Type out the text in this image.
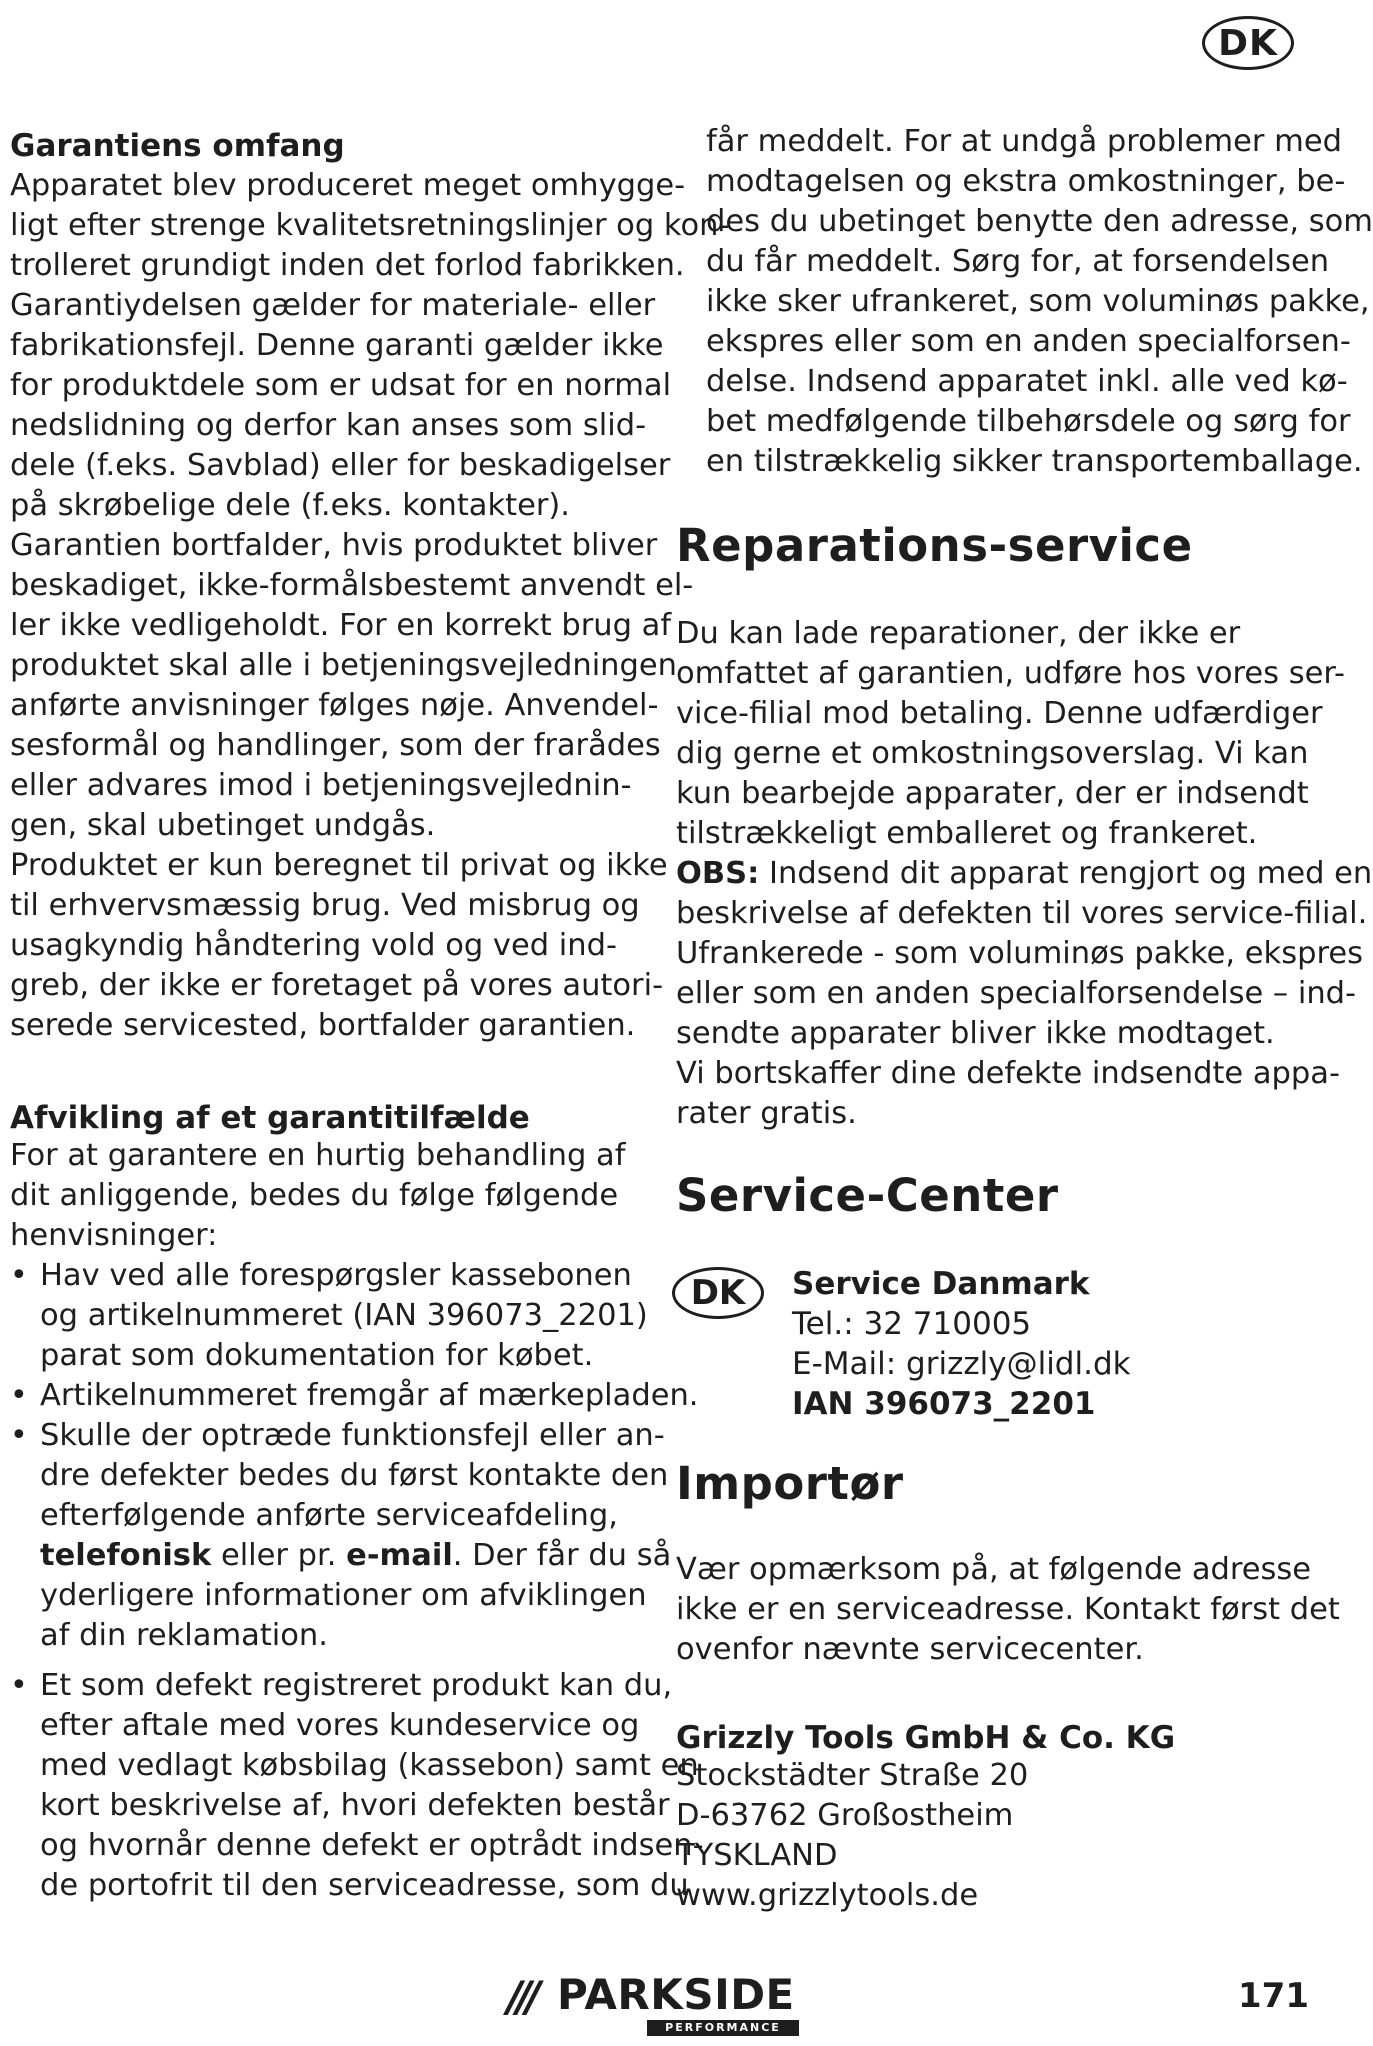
DK
Garantiens omfang
Apparatet blev produceret meget omhygge-
ligt efter strenge kvalitetsretningslinjer og kon-
trolleret grundigt inden det forlod fabrikken.
Garantiydelsen gælder for materiale- eller
fabrikationsfejl. Denne garanti gælder ikke
for produktdele som er udsat for en normal
nedslidning og derfor kan anses som slid-
dele (f.eks. Savblad) eller for beskadigelser
på skrøbelige dele (f.eks. kontakter).
Garantien bortfalder, hvis produktet bliver
beskadiget, ikke-formålsbestemt anvendt el-
ler ikke vedligeholdt. For en korrekt brug af
produktet skal alle i betjeningsvejledningen
anførte anvisninger følges nøje. Anvendel-
sesformål og handlinger, som der frarådes
eller advares imod i betjeningsvejlednin-
gen, skal ubetinget undgås.
Produktet er kun beregnet til privat og ikke
til erhvervsmæssig brug. Ved misbrug og
usagkyndig håndtering vold og ved ind-
greb, der ikke er foretaget på vores autori-
serede servicested, bortfalder garantien.
Afvikling af et garantitilfælde
For at garantere en hurtig behandling af
dit anliggende, bedes du følge følgende
henvisninger:
• Hav ved alle forespørgsler kassebonen
og artikelnummeret (IAN 396073_2201)
parat som dokumentation for købet.
• Artikelnummeret fremgår af mærkepladen.
• Skulle der optræde funktionsfejl eller an-
dre defekter bedes du først kontakte den
efterfølgende anførte serviceafdeling,
telefonisk eller pr. e-mail. Der får du så
yderligere informationer om afviklingen
af din reklamation.
• Et som defekt registreret produkt kan du,
efter aftale med vores kundeservice og
med vedlagt købsbilag (kassebon) samt en
kort beskrivelse af, hvori defekten består
og hvornår denne defekt er optrådt indsen-
de portofrit til den serviceadresse, som du
får meddelt. For at undgå problemer med
modtagelsen og ekstra omkostninger, be-
des du ubetinget benytte den adresse, som
du får meddelt. Sørg for, at forsendelsen
ikke sker ufrankeret, som voluminøs pakke,
ekspres eller som en anden specialforsen-
delse. Indsend apparatet inkl. alle ved kø-
bet medfølgende tilbehørsdele og sørg for
en tilstrækkelig sikker transportemballage.
Reparations-service
Du kan lade reparationer, der ikke er
omfattet af garantien, udføre hos vores ser-
vice-filial mod betaling. Denne udfærdiger
dig gerne et omkostningsoverslag. Vi kan
kun bearbejde apparater, der er indsendt
tilstrækkeligt emballeret og frankeret.
OBS: Indsend dit apparat rengjort og med en
beskrivelse af defekten til vores service-filial.
Ufrankerede - som voluminøs pakke, ekspres
eller som en anden specialforsendelse – ind-
sendte apparater bliver ikke modtaget.
Vi bortskaffer dine defekte indsendte appa-
rater gratis.
Service-Center
Importør
Vær opmærksom på, at følgende adresse
ikke er en serviceadresse. Kontakt først det
ovenfor nævnte servicecenter.
Grizzly Tools GmbH & Co. KG
Stockstädter Straße 20
D-63762 Großostheim
TYSKLAND
www.grizzlytools.de
DK	Service Danmark
Tel.: 32 710005
E-Mail: grizzly@lidl.dk
IAN 396073_2201
/// PARKSIDE
PERFORMANCE
171
